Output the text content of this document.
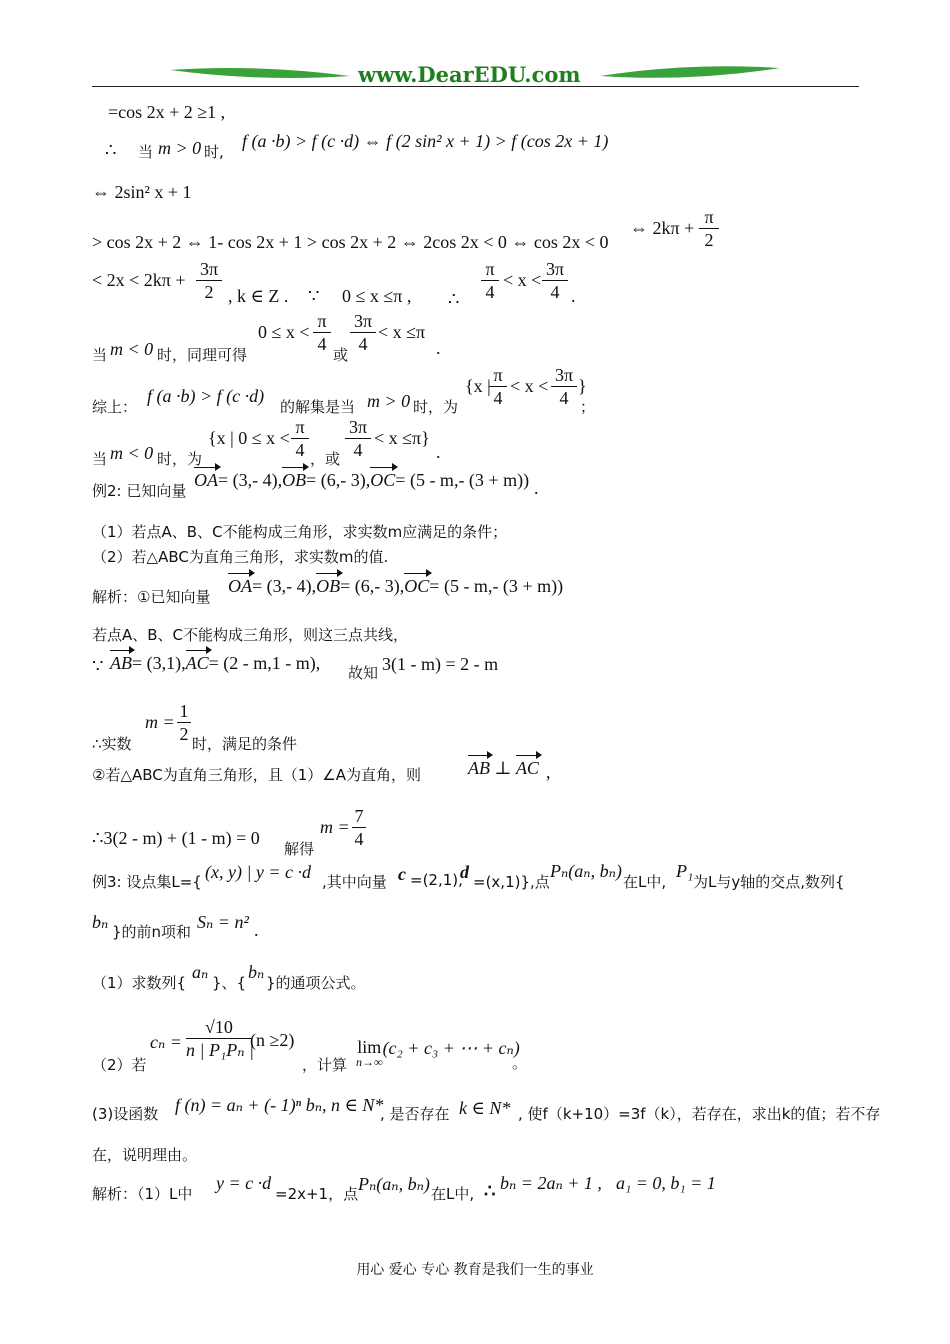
www.DearEDU.com
=cos 2x + 2 ≥1 ,
∴ 当 m > 0 时,
f (a ·b) > f (c ·d) ⇔ f (2 sin² x + 1) > f (cos 2x + 1)
⇔ 2sin² x + 1
> cos 2x + 2 ⇔ 1- cos 2x + 1 > cos 2x + 2 ⇔ 2cos 2x < 0 ⇔ cos 2x < 0
⇔ $2k\pi + \frac{\pi}{2}$
< $2x < 2k\pi + \frac{3\pi}{2}$ , k ∈ Z . ∵ 0 ≤ x ≤π , ∴ $\frac{\pi}{4} < x < \frac{3\pi}{4}$ .
当 m < 0 时，同理可得
$0 \le x < \frac{\pi}{4}$ 或 $\frac{3\pi}{4} < x \le\pi$
.
综上：
f (a ·b) > f (c ·d)
的解集是当 m > 0 时，为
{x |
$\frac{\pi}{4} < x < \frac{3\pi}{4}$ }
；
当 m < 0 时，为
{x | $0 \le x < \frac{\pi}{4}$ ，或 $\frac{3\pi}{4} < x \le\pi$}
.
例2: 已知向量
OA= (3,- 4),OB= (6,- 3),OC= (5 - m,- (3 + m)) .
（1）若点A、B、C不能构成三角形，求实数m应满足的条件；
（2）若△ABC为直角三角形，求实数m的值.
解析：①已知向量
OA= (3,- 4),OB= (6,- 3),OC= (5 - m,- (3 + m))
若点A、B、C不能构成三角形，则这三点共线，
∵ AB= (3,1),AC= (2 - m,1 - m), 故知 3(1 - m) = 2 - m
$m = \frac{1}{2}$
∴实数	时，满足的条件
②若△ABC为直角三角形，且（1）∠A为直角，则	AB ⊥ AC ,
∴3(2 - m) + (1 - m) = 0
解得
$m = \frac{7}{4}$
例3: 设点集L={ (x, y) | y = c ·d ,其中向量 c =(2,1),
d =(x,1)},点
Pₙ(aₙ, bₙ)
在L中,
P₁
为L与y轴的交点,数列{
bₙ }的前n项和 Sₙ = n² .
（1）求数列{
aₙ
}、{
bₙ
}的通项公式。
（2）若
$c_n = \frac{√10}{\text{n | P₁Pₙ |}}$
(n ≥2)
，计算
lim
n→∞
(c₂ + c₃ + ⋯ + cₙ)
。
(3)设函数 f (n) = aₙ + (- 1)ⁿ bₙ, n ∈ N*
, 是否存在 k ∈ N* , 使f（k+10）=3f（k），若存在，求出k的值；若不存
在，说明理由。
解析：（1）L中
y = c ·d
=2x+1，点 Pₙ(aₙ, bₙ) 在L中, ∴ bₙ = 2aₙ + 1 , a₁ = 0, b₁ = 1
用心 爱心 专心 教育是我们一生的事业
